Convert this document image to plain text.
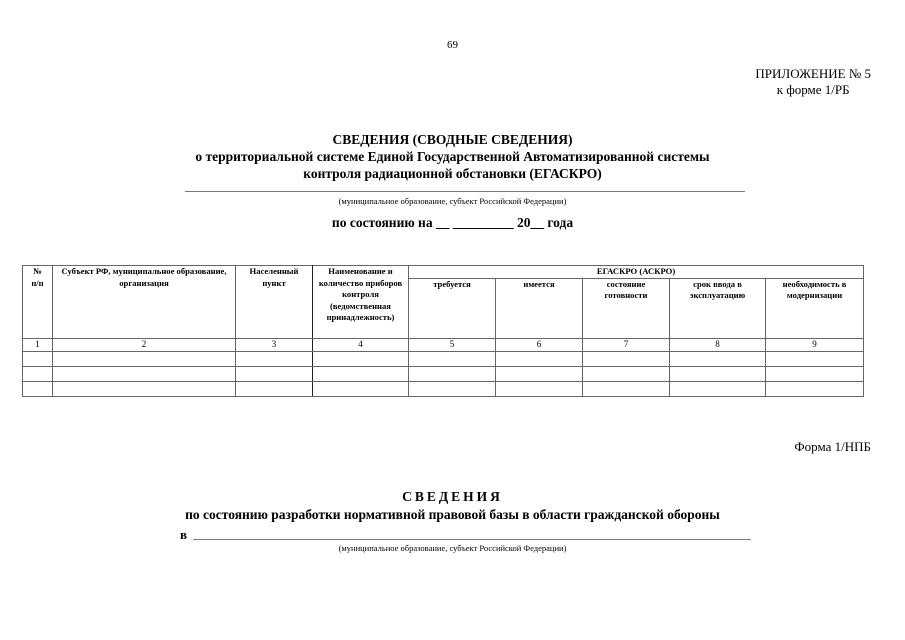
69
ПРИЛОЖЕНИЕ № 5
к форме 1/РБ
СВЕДЕНИЯ (СВОДНЫЕ СВЕДЕНИЯ)
о территориальной системе Единой Государственной Автоматизированной системы
контроля радиационной обстановки (ЕГАСКРО)
(муниципальное образование, субъект Российской Федерации)
по состоянию на __ _________ 20__ года
№
п/п	Субъект РФ, муниципальное образование, организация	Населенный пункт	Наименование и количество приборов контроля (ведомственная принадлежность)	ЕГАСКРО (АСКРО)				
				требуется	имеется	состояние готовности	срок ввода в эксплуатацию	необходимость в модернизации
1	2	3	4	5	6	7	8	9

Форма 1/НПБ
СВЕДЕНИЯ
по состоянию разработки нормативной правовой базы в области гражданской обороны
в
(муниципальное образование, субъект Российской Федерации)
